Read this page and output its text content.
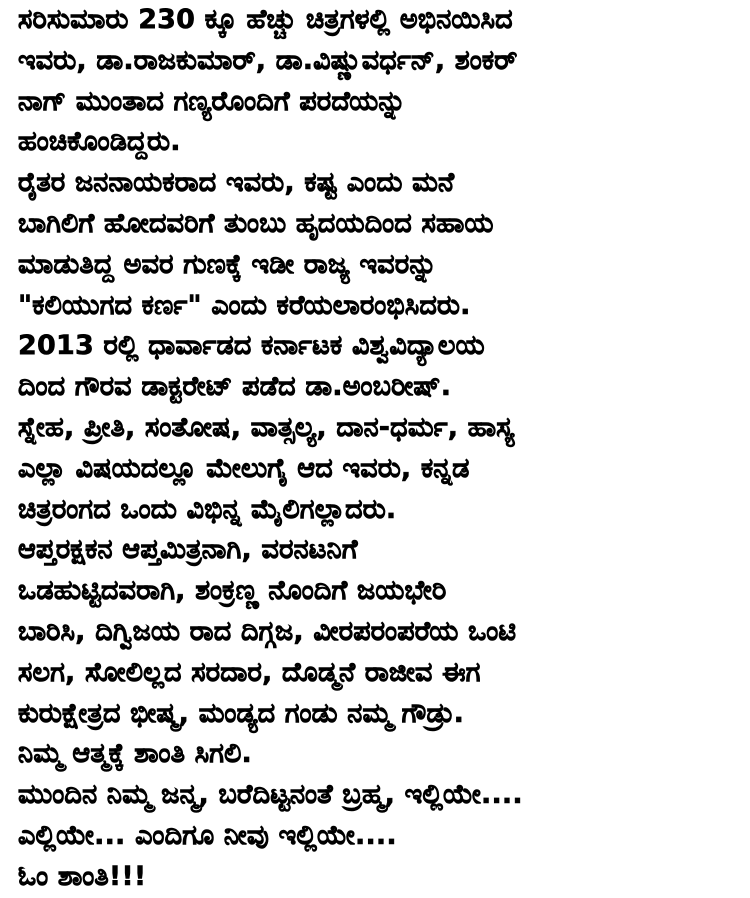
ಸರಿಸುಮಾರು 230 ಕ್ಕೂ ಹೆಚ್ಚು ಚಿತ್ರಗಳಲ್ಲಿ ಅಭಿನಯಿಸಿದ
ಇವರು, ಡಾ.ರಾಜಕುಮಾರ್, ಡಾ.ವಿಷ್ಣುವರ್ಧನ್, ಶಂಕರ್
ನಾಗ್ ಮುಂತಾದ ಗಣ್ಯರೊಂದಿಗೆ ಪರದೆಯನ್ನು
ಹಂಚಿಕೊಂಡಿದ್ದರು.
ರೈತರ ಜನನಾಯಕರಾದ ಇವರು, ಕಷ್ಟ ಎಂದು ಮನೆ
ಬಾಗಿಲಿಗೆ ಹೋದವರಿಗೆ ತುಂಬು ಹೃದಯದಿಂದ ಸಹಾಯ
ಮಾಡುತಿದ್ದ ಅವರ ಗುಣಕ್ಕೆ ಇಡೀ ರಾಜ್ಯ ಇವರನ್ನು
"ಕಲಿಯುಗದ ಕರ್ಣ" ಎಂದು ಕರೆಯಲಾರಂಭಿಸಿದರು.
2013 ರಲ್ಲಿ ಧಾರ್ವಾಡದ ಕರ್ನಾಟಕ ವಿಶ್ವವಿದ್ಯಾಲಯ
ದಿಂದ ಗೌರವ ಡಾಕ್ಟರೇಟ್ ಪಡೆದ ಡಾ.ಅಂಬರೀಷ್.
ಸ್ನೇಹ, ಪ್ರೀತಿ, ಸಂತೋಷ, ವಾತ್ಸಲ್ಯ, ದಾನ-ಧರ್ಮ, ಹಾಸ್ಯ
ಎಲ್ಲಾ ವಿಷಯದಲ್ಲೂ ಮೇಲುಗೈ ಆದ ಇವರು, ಕನ್ನಡ
ಚಿತ್ರರಂಗದ ಒಂದು ವಿಭಿನ್ನ ಮೈಲಿಗಲ್ಲಾದರು.
ಆಪ್ತರಕ್ಷಕನ ಆಪ್ತಮಿತ್ರನಾಗಿ, ವರನಟನಿಗೆ
ಒಡಹುಟ್ಟಿದವರಾಗಿ, ಶಂಕ್ರಣ್ಣ ನೊಂದಿಗೆ ಜಯಭೇರಿ
ಬಾರಿಸಿ, ದಿಗ್ವಿಜಯ ರಾದ ದಿಗ್ಗಜ, ವೀರಪರಂಪರೆಯ ಒಂಟಿ
ಸಲಗ, ಸೋಲಿಲ್ಲದ ಸರದಾರ, ದೊಡ್ಮನೆ ರಾಜೀವ ಈಗ
ಕುರುಕ್ಷೇತ್ರದ ಭೀಷ್ಮ, ಮಂಡ್ಯದ ಗಂಡು ನಮ್ಮ ಗೌಡ್ರು.
ನಿಮ್ಮ ಆತ್ಮಕ್ಕೆ ಶಾಂತಿ ಸಿಗಲಿ.
ಮುಂದಿನ ನಿಮ್ಮ ಜನ್ಮ, ಬರೆದಿಟ್ಟನಂತೆ ಬ್ರಹ್ಮ, ಇಲ್ಲಿಯೇ....
ಎಲ್ಲಿಯೇ... ಎಂದಿಗೂ ನೀವು ಇಲ್ಲಿಯೇ....
ಓಂ ಶಾಂತಿ!!!
